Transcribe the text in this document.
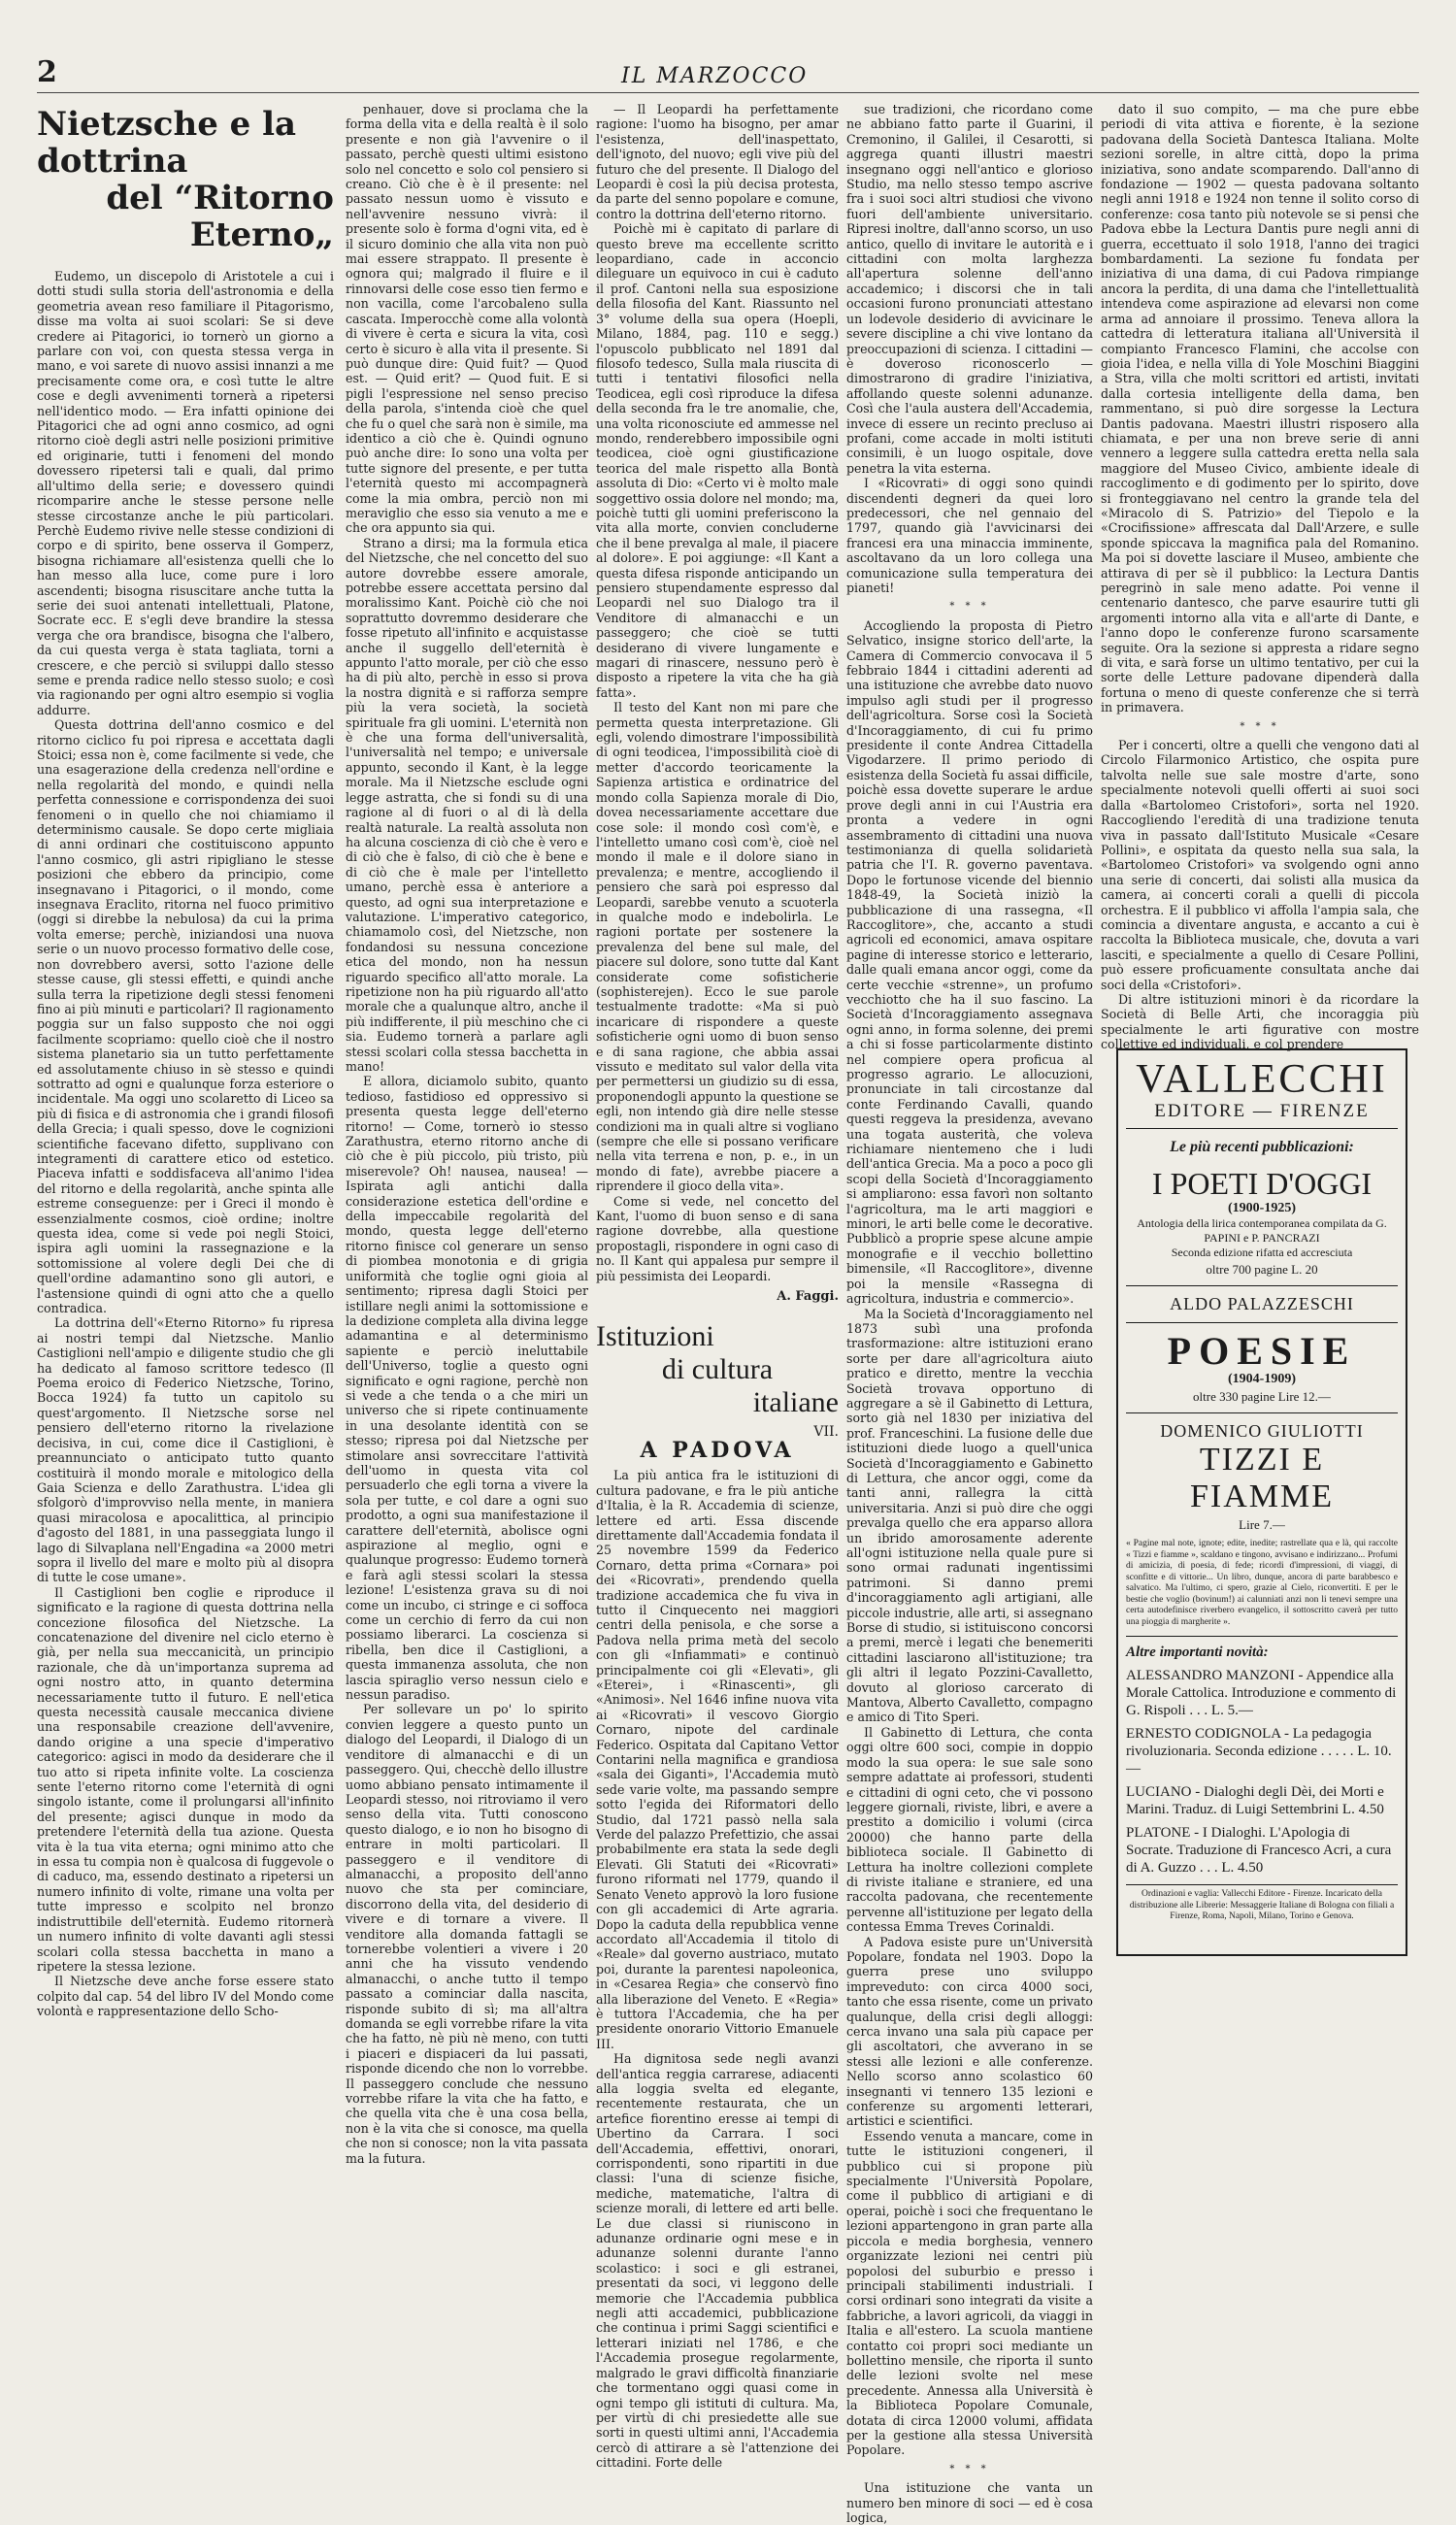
2	IL MARZOCCO
Nietzsche e la dottrina
del “Ritorno Eterno„

Eudemo, un discepolo di Aristotele a cui i dotti studi sulla storia dell'astronomia e della geometria avean reso familiare il Pitagorismo, disse ma volta ai suoi scolari: Se si deve credere ai Pitagorici, io tornerò un giorno a parlare con voi, con questa stessa verga in mano, e voi sarete di nuovo assisi innanzi a me precisamente come ora, e così tutte le altre cose e degli avvenimenti tornerà a ripetersi nell'identico modo. — Era infatti opinione dei Pitagorici che ad ogni anno cosmico, ad ogni ritorno cioè degli astri nelle posizioni primitive ed originarie, tutti i fenomeni del mondo dovessero ripetersi tali e quali, dal primo all'ultimo della serie; e dovessero quindi ricomparire anche le stesse persone nelle stesse circostanze anche le più particolari. Perchè Eudemo rivive nelle stesse condizioni di corpo e di spirito, bene osserva il Gomperz, bisogna richiamare all'esistenza quelli che lo han messo alla luce, come pure i loro ascendenti; bisogna risuscitare anche tutta la serie dei suoi antenati intellettuali, Platone, Socrate ecc. E s'egli deve brandire la stessa verga che ora brandisce, bisogna che l'albero, da cui questa verga è stata tagliata, torni a crescere, e che perciò si sviluppi dallo stesso seme e prenda radice nello stesso suolo; e così via ragionando per ogni altro esempio si voglia addurre.

Questa dottrina dell'anno cosmico e del ritorno ciclico fu poi ripresa e accettata dagli Stoici; essa non è, come facilmente si vede, che una esagerazione della credenza nell'ordine e nella regolarità del mondo, e quindi nella perfetta connessione e corrispondenza dei suoi fenomeni o in quello che noi chiamiamo il determinismo causale. Se dopo certe migliaia di anni ordinari che costituiscono appunto l'anno cosmico, gli astri ripigliano le stesse posizioni che ebbero da principio, come insegnavano i Pitagorici, o il mondo, come insegnava Eraclito, ritorna nel fuoco primitivo (oggi si direbbe la nebulosa) da cui la prima volta emerse; perchè, iniziandosi una nuova serie o un nuovo processo formativo delle cose, non dovrebbero aversi, sotto l'azione delle stesse cause, gli stessi effetti, e quindi anche sulla terra la ripetizione degli stessi fenomeni fino ai più minuti e particolari? Il ragionamento poggia sur un falso supposto che noi oggi facilmente scopriamo: quello cioè che il nostro sistema planetario sia un tutto perfettamente ed assolutamente chiuso in sè stesso e quindi sottratto ad ogni e qualunque forza esteriore o incidentale. Ma oggi uno scolaretto di Liceo sa più di fisica e di astronomia che i grandi filosofi della Grecia; i quali spesso, dove le cognizioni scientifiche facevano difetto, supplivano con integramenti di carattere etico od estetico. Piaceva infatti e soddisfaceva all'animo l'idea del ritorno e della regolarità, anche spinta alle estreme conseguenze: per i Greci il mondo è essenzialmente cosmos, cioè ordine; inoltre questa idea, come si vede poi negli Stoici, ispira agli uomini la rassegnazione e la sottomissione al volere degli Dei che di quell'ordine adamantino sono gli autori, e l'astensione quindi di ogni atto che a quello contradica.

La dottrina dell'«Eterno Ritorno» fu ripresa ai nostri tempi dal Nietzsche. Manlio Castiglioni nell'ampio e diligente studio che gli ha dedicato al famoso scrittore tedesco (Il Poema eroico di Federico Nietzsche, Torino, Bocca 1924) fa tutto un capitolo su quest'argomento. Il Nietzsche sorse nel pensiero dell'eterno ritorno la rivelazione decisiva, in cui, come dice il Castiglioni, è preannunciato o anticipato tutto quanto costituirà il mondo morale e mitologico della Gaia Scienza e dello Zarathustra. L'idea gli sfolgorò d'improvviso nella mente, in maniera quasi miracolosa e apocalittica, al principio d'agosto del 1881, in una passeggiata lungo il lago di Silvaplana nell'Engadina «a 2000 metri sopra il livello del mare e molto più al disopra di tutte le cose umane».

Il Castiglioni ben coglie e riproduce il significato e la ragione di questa dottrina nella concezione filosofica del Nietzsche. La concatenazione del divenire nel ciclo eterno è già, per nella sua meccanicità, un principio razionale, che dà un'importanza suprema ad ogni nostro atto, in quanto determina necessariamente tutto il futuro. E nell'etica questa necessità causale meccanica diviene una responsabile creazione dell'avvenire, dando origine a una specie d'imperativo categorico: agisci in modo da desiderare che il tuo atto si ripeta infinite volte. La coscienza sente l'eterno ritorno come l'eternità di ogni singolo istante, come il prolungarsi all'infinito del presente; agisci dunque in modo da pretendere l'eternità della tua azione. Questa vita è la tua vita eterna; ogni minimo atto che in essa tu compia non è qualcosa di fuggevole o di caduco, ma, essendo destinato a ripetersi un numero infinito di volte, rimane una volta per tutte impresso e scolpito nel bronzo indistruttibile dell'eternità. Eudemo ritornerà un numero infinito di volte davanti agli stessi scolari colla stessa bacchetta in mano a ripetere la stessa lezione.

Il Nietzsche deve anche forse essere stato colpito dal cap. 54 del libro IV del Mondo come volontà e rappresentazione dello Scho-

penhauer, dove si proclama che la forma della vita e della realtà è il solo presente e non già l'avvenire o il passato, perchè questi ultimi esistono solo nel concetto e solo col pensiero si creano. Ciò che è è il presente: nel passato nessun uomo è vissuto e nell'avvenire nessuno vivrà: il presente solo è forma d'ogni vita, ed è il sicuro dominio che alla vita non può mai essere strappato. Il presente è ognora qui; malgrado il fluire e il rinnovarsi delle cose esso tien fermo e non vacilla, come l'arcobaleno sulla cascata. Imperocchè come alla volontà di vivere è certa e sicura la vita, così certo è sicuro è alla vita il presente. Si può dunque dire: Quid fuit? — Quod est. — Quid erit? — Quod fuit. E si pigli l'espressione nel senso preciso della parola, s'intenda cioè che quel che fu o quel che sarà non è simile, ma identico a ciò che è. Quindi ognuno può anche dire: Io sono una volta per tutte signore del presente, e per tutta l'eternità questo mi accompagnerà come la mia ombra, perciò non mi meraviglio che esso sia venuto a me e che ora appunto sia qui.

Strano a dirsi; ma la formula etica del Nietzsche, che nel concetto del suo autore dovrebbe essere amorale, potrebbe essere accettata persino dal moralissimo Kant. Poichè ciò che noi soprattutto dovremmo desiderare che fosse ripetuto all'infinito e acquistasse anche il suggello dell'eternità è appunto l'atto morale, per ciò che esso ha di più alto, perchè in esso si prova la nostra dignità e si rafforza sempre più la vera società, la società spirituale fra gli uomini. L'eternità non è che una forma dell'universalità, l'universalità nel tempo; e universale appunto, secondo il Kant, è la legge morale. Ma il Nietzsche esclude ogni legge astratta, che si fondi su di una ragione al di fuori o al di là della realtà naturale. La realtà assoluta non ha alcuna coscienza di ciò che è vero e di ciò che è falso, di ciò che è bene e di ciò che è male per l'intelletto umano, perchè essa è anteriore a questo, ad ogni sua interpretazione e valutazione. L'imperativo categorico, chiamamolo così, del Nietzsche, non fondandosi su nessuna concezione etica del mondo, non ha nessun riguardo specifico all'atto morale. La ripetizione non ha più riguardo all'atto morale che a qualunque altro, anche il più indifferente, il più meschino che ci sia. Eudemo tornerà a parlare agli stessi scolari colla stessa bacchetta in mano!

E allora, diciamolo subito, quanto tedioso, fastidioso ed oppressivo si presenta questa legge dell'eterno ritorno! — Come, tornerò io stesso Zarathustra, eterno ritorno anche di ciò che è più piccolo, più tristo, più miserevole? Oh! nausea, nausea! — Ispirata agli antichi dalla considerazione estetica dell'ordine e della impeccabile regolarità del mondo, questa legge dell'eterno ritorno finisce col generare un senso di piombea monotonia e di grigia uniformità che toglie ogni gioia al sentimento; ripresa dagli Stoici per istillare negli animi la sottomissione e la dedizione completa alla divina legge adamantina e al determinismo sapiente e perciò ineluttabile dell'Universo, toglie a questo ogni significato e ogni ragione, perchè non si vede a che tenda o a che miri un universo che si ripete continuamente in una desolante identità con se stesso; ripresa poi dal Nietzsche per stimolare ansi sovreccitare l'attività dell'uomo in questa vita col persuaderlo che egli torna a vivere la sola per tutte, e col dare a ogni suo prodotto, a ogni sua manifestazione il carattere dell'eternità, abolisce ogni aspirazione al meglio, ogni e qualunque progresso: Eudemo tornerà e farà agli stessi scolari la stessa lezione! L'esistenza grava su di noi come un incubo, ci stringe e ci soffoca come un cerchio di ferro da cui non possiamo liberarci. La coscienza si ribella, ben dice il Castiglioni, a questa immanenza assoluta, che non lascia spiraglio verso nessun cielo e nessun paradiso.

Per sollevare un po' lo spirito convien leggere a questo punto un dialogo del Leopardi, il Dialogo di un venditore di almanacchi e di un passeggero. Qui, checchè dello illustre uomo abbiano pensato intimamente il Leopardi stesso, noi ritroviamo il vero senso della vita. Tutti conoscono questo dialogo, e io non ho bisogno di entrare in molti particolari. Il passeggero e il venditore di almanacchi, a proposito dell'anno nuovo che sta per cominciare, discorrono della vita, del desiderio di vivere e di tornare a vivere. Il venditore alla domanda fattagli se tornerebbe volentieri a vivere i 20 anni che ha vissuto vendendo almanacchi, o anche tutto il tempo passato a cominciar dalla nascita, risponde subito di sì; ma all'altra domanda se egli vorrebbe rifare la vita che ha fatto, nè più nè meno, con tutti i piaceri e dispiaceri da lui passati, risponde dicendo che non lo vorrebbe. Il passeggero conclude che nessuno vorrebbe rifare la vita che ha fatto, e che quella vita che è una cosa bella, non è la vita che si conosce, ma quella che non si conosce; non la vita passata ma la futura.

— Il Leopardi ha perfettamente ragione: l'uomo ha bisogno, per amar l'esistenza, dell'inaspettato, dell'ignoto, del nuovo; egli vive più del futuro che del presente. Il Dialogo del Leopardi è così la più decisa protesta, da parte del senno popolare e comune, contro la dottrina dell'eterno ritorno.

Poichè mi è capitato di parlare di questo breve ma eccellente scritto leopardiano, cade in acconcio dileguare un equivoco in cui è caduto il prof. Cantoni nella sua esposizione della filosofia del Kant. Riassunto nel 3° volume della sua opera (Hoepli, Milano, 1884, pag. 110 e segg.) l'opuscolo pubblicato nel 1891 dal filosofo tedesco, Sulla mala riuscita di tutti i tentativi filosofici nella Teodicea, egli così riproduce la difesa della seconda fra le tre anomalie, che, una volta riconosciute ed ammesse nel mondo, renderebbero impossibile ogni teodicea, cioè ogni giustificazione teorica del male rispetto alla Bontà assoluta di Dio: «Certo vi è molto male soggettivo ossia dolore nel mondo; ma, poichè tutti gli uomini preferiscono la vita alla morte, convien concluderne che il bene prevalga al male, il piacere al dolore». E poi aggiunge: «Il Kant a questa difesa risponde anticipando un pensiero stupendamente espresso dal Leopardi nel suo Dialogo tra il Venditore di almanacchi e un passeggero; che cioè se tutti desiderano di vivere lungamente e magari di rinascere, nessuno però è disposto a ripetere la vita che ha già fatta».

Il testo del Kant non mi pare che permetta questa interpretazione. Gli egli, volendo dimostrare l'impossibilità di ogni teodicea, l'impossibilità cioè di metter d'accordo teoricamente la Sapienza artistica e ordinatrice del mondo colla Sapienza morale di Dio, dovea necessariamente accettare due cose sole: il mondo così com'è, e l'intelletto umano così com'è, cioè nel mondo il male e il dolore siano in prevalenza; e mentre, accogliendo il pensiero che sarà poi espresso dal Leopardi, sarebbe venuto a scuoterla in qualche modo e indebolirla. Le ragioni portate per sostenere la prevalenza del bene sul male, del piacere sul dolore, sono tutte dal Kant considerate come sofisticherie (sophisterejen). Ecco le sue parole testualmente tradotte: «Ma si può incaricare di rispondere a queste sofisticherie ogni uomo di buon senso e di sana ragione, che abbia assai vissuto e meditato sul valor della vita per permettersi un giudizio su di essa, proponendogli appunto la questione se egli, non intendo già dire nelle stesse condizioni ma in quali altre si vogliano (sempre che elle si possano verificare nella vita terrena e non, p. e., in un mondo di fate), avrebbe piacere a riprendere il gioco della vita».

Come si vede, nel concetto del Kant, l'uomo di buon senso e di sana ragione dovrebbe, alla questione propostagli, rispondere in ogni caso di no. Il Kant qui appalesa pur sempre il più pessimista dei Leopardi.

A. Faggi.
Istituzioni
di cultura
italiane
VII.
A PADOVA

La più antica fra le istituzioni di cultura padovane, e fra le più antiche d'Italia, è la R. Accademia di scienze, lettere ed arti. Essa discende direttamente dall'Accademia fondata il 25 novembre 1599 da Federico Cornaro, detta prima «Cornara» poi dei «Ricovrati», prendendo quella tradizione accademica che fu viva in tutto il Cinquecento nei maggiori centri della penisola, e che sorse a Padova nella prima metà del secolo con gli «Infiammati» e continuò principalmente coi gli «Elevati», gli «Eterei», i «Rinascenti», gli «Animosi». Nel 1646 infine nuova vita ai «Ricovrati» il vescovo Giorgio Cornaro, nipote del cardinale Federico. Ospitata dal Capitano Vettor Contarini nella magnifica e grandiosa «sala dei Giganti», l'Accademia mutò sede varie volte, ma passando sempre sotto l'egida dei Riformatori dello Studio, dal 1721 passò nella sala Verde del palazzo Prefettizio, che assai probabilmente era stata la sede degli Elevati. Gli Statuti dei «Ricovrati» furono riformati nel 1779, quando il Senato Veneto approvò la loro fusione con gli accademici di Arte agraria. Dopo la caduta della repubblica venne accordato all'Accademia il titolo di «Reale» dal governo austriaco, mutato poi, durante la parentesi napoleonica, in «Cesarea Regia» che conservò fino alla liberazione del Veneto. E «Regia» è tuttora l'Accademia, che ha per presidente onorario Vittorio Emanuele III.

Ha dignitosa sede negli avanzi dell'antica reggia carrarese, adiacenti alla loggia svelta ed elegante, recentemente restaurata, che un artefice fiorentino eresse ai tempi di Ubertino da Carrara. I soci dell'Accademia, effettivi, onorari, corrispondenti, sono ripartiti in due classi: l'una di scienze fisiche, mediche, matematiche, l'altra di scienze morali, di lettere ed arti belle. Le due classi si riuniscono in adunanze ordinarie ogni mese e in adunanze solenni durante l'anno scolastico: i soci e gli estranei, presentati da soci, vi leggono delle memorie che l'Accademia pubblica negli atti accademici, pubblicazione che continua i primi Saggi scientifici e letterari iniziati nel 1786, e che l'Accademia prosegue regolarmente, malgrado le gravi difficoltà finanziarie che tormentano oggi quasi come in ogni tempo gli istituti di cultura. Ma, per virtù di chi presiedette alle sue sorti in questi ultimi anni, l'Accademia cercò di attirare a sè l'attenzione dei cittadini. Forte delle

sue tradizioni, che ricordano come ne abbiano fatto parte il Guarini, il Cremonino, il Galilei, il Cesarotti, si aggrega quanti illustri maestri insegnano oggi nell'antico e glorioso Studio, ma nello stesso tempo ascrive fra i suoi soci altri studiosi che vivono fuori dell'ambiente universitario. Ripresi inoltre, dall'anno scorso, un uso antico, quello di invitare le autorità e i cittadini con molta larghezza all'apertura solenne dell'anno accademico; i discorsi che in tali occasioni furono pronunciati attestano un lodevole desiderio di avvicinare le severe discipline a chi vive lontano da preoccupazioni di scienza. I cittadini — è doveroso riconoscerlo — dimostrarono di gradire l'iniziativa, affollando queste solenni adunanze. Così che l'aula austera dell'Accademia, invece di essere un recinto precluso ai profani, come accade in molti istituti consimili, è un luogo ospitale, dove penetra la vita esterna.

I «Ricovrati» di oggi sono quindi discendenti degneri da quei loro predecessori, che nel gennaio del 1797, quando già l'avvicinarsi dei francesi era una minaccia imminente, ascoltavano da un loro collega una comunicazione sulla temperatura dei pianeti!

* * *

Accogliendo la proposta di Pietro Selvatico, insigne storico dell'arte, la Camera di Commercio convocava il 5 febbraio 1844 i cittadini aderenti ad una istituzione che avrebbe dato nuovo impulso agli studi per il progresso dell'agricoltura. Sorse così la Società d'Incoraggiamento, di cui fu primo presidente il conte Andrea Cittadella Vigodarzere. Il primo periodo di esistenza della Società fu assai difficile, poichè essa dovette superare le ardue prove degli anni in cui l'Austria era pronta a vedere in ogni assembramento di cittadini una nuova testimonianza di quella solidarietà patria che l'I. R. governo paventava. Dopo le fortunose vicende del biennio 1848-49, la Società iniziò la pubblicazione di una rassegna, «Il Raccoglitore», che, accanto a studi agricoli ed economici, amava ospitare pagine di interesse storico e letterario, dalle quali emana ancor oggi, come da certe vecchie «strenne», un profumo vecchiotto che ha il suo fascino. La Società d'Incoraggiamento assegnava ogni anno, in forma solenne, dei premi a chi si fosse particolarmente distinto nel compiere opera proficua al progresso agrario. Le allocuzioni, pronunciate in tali circostanze dal conte Ferdinando Cavalli, quando questi reggeva la presidenza, avevano una togata austerità, che voleva richiamare nientemeno che i ludi dell'antica Grecia. Ma a poco a poco gli scopi della Società d'Incoraggiamento si ampliarono: essa favorì non soltanto l'agricoltura, ma le arti maggiori e minori, le arti belle come le decorative. Pubblicò a proprie spese alcune ampie monografie e il vecchio bollettino bimensile, «Il Raccoglitore», divenne poi la mensile «Rassegna di agricoltura, industria e commercio».

Ma la Società d'Incoraggiamento nel 1873 subì una profonda trasformazione: altre istituzioni erano sorte per dare all'agricoltura aiuto pratico e diretto, mentre la vecchia Società trovava opportuno di aggregare a sè il Gabinetto di Lettura, sorto già nel 1830 per iniziativa del prof. Franceschini. La fusione delle due istituzioni diede luogo a quell'unica Società d'Incoraggiamento e Gabinetto di Lettura, che ancor oggi, come da tanti anni, rallegra la città universitaria. Anzi si può dire che oggi prevalga quello che era apparso allora un ibrido amorosamente aderente all'ogni istituzione nella quale pure si sono ormai radunati ingentissimi patrimoni. Si danno premi d'incoraggiamento agli artigiani, alle piccole industrie, alle arti, si assegnano Borse di studio, si istituiscono concorsi a premi, mercè i legati che benemeriti cittadini lasciarono all'istituzione; tra gli altri il legato Pozzini-Cavalletto, dovuto al glorioso carcerato di Mantova, Alberto Cavalletto, compagno e amico di Tito Speri.

Il Gabinetto di Lettura, che conta oggi oltre 600 soci, compie in doppio modo la sua opera: le sue sale sono sempre adattate ai professori, studenti e cittadini di ogni ceto, che vi possono leggere giornali, riviste, libri, e avere a prestito a domicilio i volumi (circa 20000) che hanno parte della biblioteca sociale. Il Gabinetto di Lettura ha inoltre collezioni complete di riviste italiane e straniere, ed una raccolta padovana, che recentemente pervenne all'istituzione per legato della contessa Emma Treves Corinaldi.

A Padova esiste pure un'Università Popolare, fondata nel 1903. Dopo la guerra prese uno sviluppo impreveduto: con circa 4000 soci, tanto che essa risente, come un privato qualunque, della crisi degli alloggi: cerca invano una sala più capace per gli ascoltatori, che avverano in se stessi alle lezioni e alle conferenze. Nello scorso anno scolastico 60 insegnanti vi tennero 135 lezioni e conferenze su argomenti letterari, artistici e scientifici.

Essendo venuta a mancare, come in tutte le istituzioni congeneri, il pubblico cui si propone più specialmente l'Università Popolare, come il pubblico di artigiani e di operai, poichè i soci che frequentano le lezioni appartengono in gran parte alla piccola e media borghesia, vennero organizzate lezioni nei centri più popolosi del suburbio e presso i principali stabilimenti industriali. I corsi ordinari sono integrati da visite a fabbriche, a lavori agricoli, da viaggi in Italia e all'estero. La scuola mantiene contatto coi propri soci mediante un bollettino mensile, che riporta il sunto delle lezioni svolte nel mese precedente. Annessa alla Università è la Biblioteca Popolare Comunale, dotata di circa 12000 volumi, affidata per la gestione alla stessa Università Popolare.

* * *

Una istituzione che vanta un numero ben minore di soci — ed è cosa logica,

dato il suo compito, — ma che pure ebbe periodi di vita attiva e fiorente, è la sezione padovana della Società Dantesca Italiana. Molte sezioni sorelle, in altre città, dopo la prima iniziativa, sono andate scomparendo. Dall'anno di fondazione — 1902 — questa padovana soltanto negli anni 1918 e 1924 non tenne il solito corso di conferenze: cosa tanto più notevole se si pensi che Padova ebbe la Lectura Dantis pure negli anni di guerra, eccettuato il solo 1918, l'anno dei tragici bombardamenti. La sezione fu fondata per iniziativa di una dama, di cui Padova rimpiange ancora la perdita, di una dama che l'intellettualità intendeva come aspirazione ad elevarsi non come arma ad annoiare il prossimo. Teneva allora la cattedra di letteratura italiana all'Università il compianto Francesco Flamini, che accolse con gioia l'idea, e nella villa di Yole Moschini Biaggini a Stra, villa che molti scrittori ed artisti, invitati dalla cortesia intelligente della dama, ben rammentano, si può dire sorgesse la Lectura Dantis padovana. Maestri illustri risposero alla chiamata, e per una non breve serie di anni vennero a leggere sulla cattedra eretta nella sala maggiore del Museo Civico, ambiente ideale di raccoglimento e di godimento per lo spirito, dove si fronteggiavano nel centro la grande tela del «Miracolo di S. Patrizio» del Tiepolo e la «Crocifissione» affrescata dal Dall'Arzere, e sulle sponde spiccava la magnifica pala del Romanino. Ma poi si dovette lasciare il Museo, ambiente che attirava di per sè il pubblico: la Lectura Dantis peregrinò in sale meno adatte. Poi venne il centenario dantesco, che parve esaurire tutti gli argomenti intorno alla vita e all'arte di Dante, e l'anno dopo le conferenze furono scarsamente seguite. Ora la sezione si appresta a ridare segno di vita, e sarà forse un ultimo tentativo, per cui la sorte delle Letture padovane dipenderà dalla fortuna o meno di queste conferenze che si terrà in primavera.

* * *

Per i concerti, oltre a quelli che vengono dati al Circolo Filarmonico Artistico, che ospita pure talvolta nelle sue sale mostre d'arte, sono specialmente notevoli quelli offerti ai suoi soci dalla «Bartolomeo Cristofori», sorta nel 1920. Raccogliendo l'eredità di una tradizione tenuta viva in passato dall'Istituto Musicale «Cesare Pollini», e ospitata da questo nella sua sala, la «Bartolomeo Cristofori» va svolgendo ogni anno una serie di concerti, dai solisti alla musica da camera, ai concerti corali a quelli di piccola orchestra. E il pubblico vi affolla l'ampia sala, che comincia a diventare angusta, e accanto a cui è raccolta la Biblioteca musicale, che, dovuta a vari lasciti, e specialmente a quello di Cesare Pollini, può essere proficuamente consultata anche dai soci della «Cristofori».

Di altre istituzioni minori è da ricordare la Società di Belle Arti, che incoraggia più specialmente le arti figurative con mostre collettive ed individuali, e col prendere

VALLECCHI
EDITORE — FIRENZE
Le più recenti pubblicazioni:
I POETI D'OGGI
(1900-1925)
Antologia della lirica contemporanea compilata da G. PAPINI e P. PANCRAZI
Seconda edizione rifatta ed accresciuta
oltre 700 pagine L. 20
ALDO PALAZZESCHI
POESIE
(1904-1909)
oltre 330 pagine Lire 12.—
DOMENICO GIULIOTTI
TIZZI E FIAMME
Lire 7.—
« Pagine mal note, ignote; edite, inedite; rastrellate qua e là, qui raccolte « Tizzi e fiamme », scaldano e tingono, avvisano e indirizzano... Profumi di amicizia, di poesia, di fede; ricordi d'impressioni, di viaggi, di sconfitte e di vittorie... Un libro, dunque, ancora di parte barabbesco e salvatico. Ma l'ultimo, ci spero, grazie al Cielo, riconvertiti. E per le bestie che voglio (bovinum!) ai calunniati anzi non li tenevi sempre una certa autodefinisce riverbero evangelico, il sottoscritto caverà per tutto una pioggia di margherite ».
Altre importanti novità:
ALESSANDRO MANZONI - Appendice alla Morale Cattolica. Introduzione e commento di G. Rispoli . . . L. 5.—
ERNESTO CODIGNOLA - La pedagogia rivoluzionaria. Seconda edizione . . . . . L. 10.—
LUCIANO - Dialoghi degli Dèi, dei Morti e Marini. Traduz. di Luigi Settembrini L. 4.50
PLATONE - I Dialoghi. L'Apologia di Socrate. Traduzione di Francesco Acri, a cura di A. Guzzo . . . L. 4.50
Ordinazioni e vaglia: Vallecchi Editore - Firenze. Incaricato della distribuzione alle Librerie: Messaggerie Italiane di Bologna con filiali a Firenze, Roma, Napoli, Milano, Torino e Genova.
